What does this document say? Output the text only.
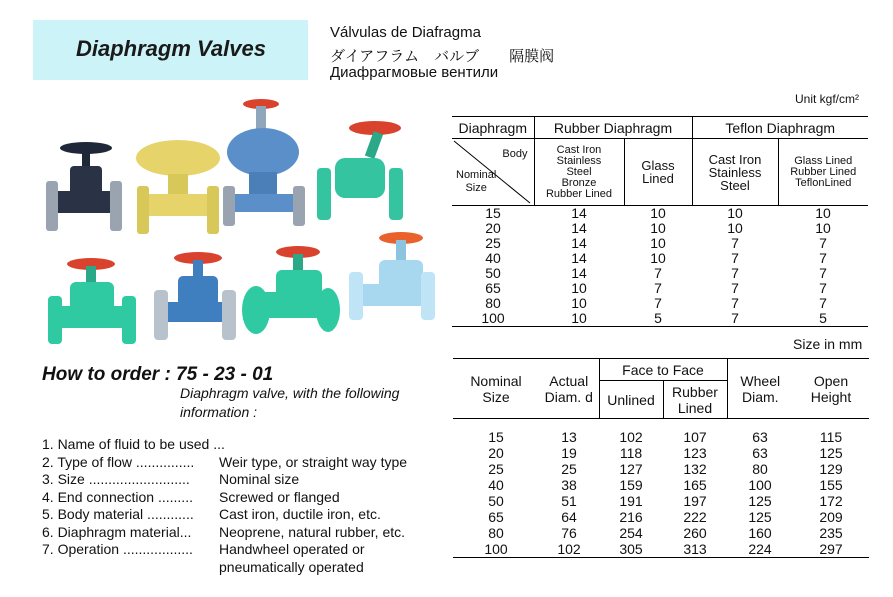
Diaphragm Valves
Válvulas de Diafragma
ダイアフラム　バルブ　　隔膜阀
Диафрагмовые вентили
How to order : 75 - 23 - 01
Diaphragm valve, with the following information :
1. Name of fluid to be used ...
2. Type of flow ............... Weir type, or straight way type
3. Size .......................... Nominal size
4. End connection ......... Screwed or flanged
5. Body material ............ Cast iron, ductile iron, etc.
6. Diaphragm material... Neoprene, natural rubber, etc.
7. Operation .................. Handwheel operated or
pneumatically operated
Unit kgf/cm²
Diaphragm	Rubber Diaphragm		Teflon Diaphragm	

Body
Nominal
Size	Cast Iron
Stainless
Steel
Bronze
Rubber Lined	Glass
Lined	Cast Iron
Stainless
Steel	Glass Lined
Rubber Lined
TeflonLined
15	14	10	10	10
20	14	10	10	10
25	14	10	7	7
40	14	10	7	7
50	14	7	7	7
65	10	7	7	7
80	10	7	7	7
100	10	5	7	5
Size in mm
Nominal
Size	Actual
Diam. d	Face to Face		Wheel
Diam.	Open
Height
		Unlined	Rubber
Lined		

15	13	102	107	63	115
20	19	118	123	63	125
25	25	127	132	80	129
40	38	159	165	100	155
50	51	191	197	125	172
65	64	216	222	125	209
80	76	254	260	160	235
100	102	305	313	224	297
